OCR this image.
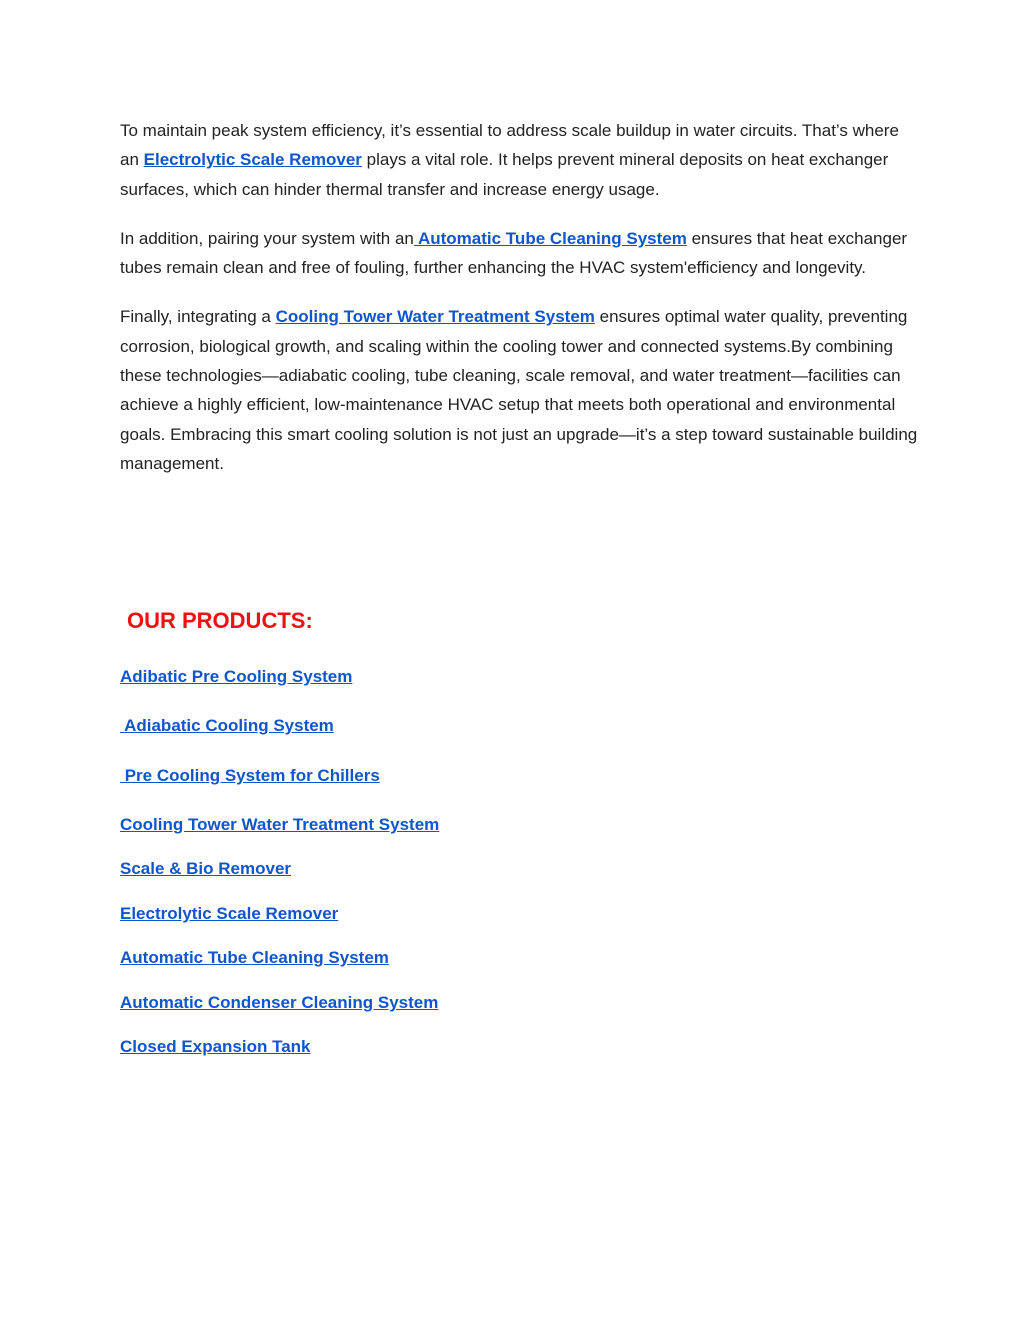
To maintain peak system efficiency, it’s essential to address scale buildup in water circuits. That’s where an Electrolytic Scale Remover plays a vital role. It helps prevent mineral deposits on heat exchanger surfaces, which can hinder thermal transfer and increase energy usage.

In addition, pairing your system with an Automatic Tube Cleaning System ensures that heat exchanger tubes remain clean and free of fouling, further enhancing the HVAC system'efficiency and longevity.

Finally, integrating a Cooling Tower Water Treatment System ensures optimal water quality, preventing corrosion, biological growth, and scaling within the cooling tower and connected systems.By combining these technologies—adiabatic cooling, tube cleaning, scale removal, and water treatment—facilities can achieve a highly efficient, low-maintenance HVAC setup that meets both operational and environmental goals. Embracing this smart cooling solution is not just an upgrade—it’s a step toward sustainable building management.

OUR PRODUCTS:
Adibatic Pre Cooling System
Adiabatic Cooling System
Pre Cooling System for Chillers
Cooling Tower Water Treatment System
Scale & Bio Remover
Electrolytic Scale Remover
Automatic Tube Cleaning System
Automatic Condenser Cleaning System
Closed Expansion Tank
